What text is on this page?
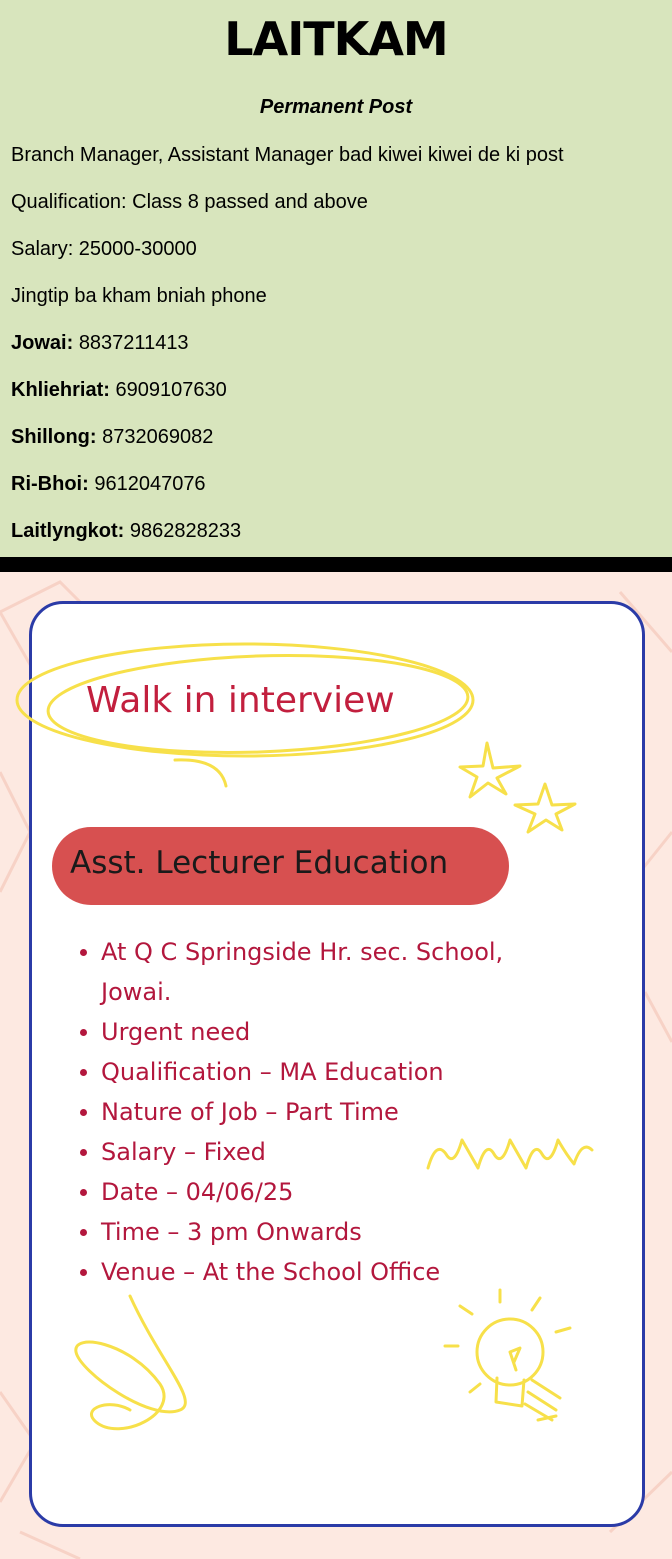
LAITKAM
Permanent Post
Branch Manager, Assistant Manager bad kiwei kiwei de ki post
Qualification: Class 8 passed and above
Salary: 25000-30000
Jingtip ba kham bniah phone
Jowai: 8837211413
Khliehriat: 6909107630
Shillong: 8732069082
Ri-Bhoi: 9612047076
Laitlyngkot: 9862828233
Walk in interview
Asst. Lecturer Education
At Q C Springside Hr. sec. School,
Jowai.
Urgent need
Qualification – MA Education
Nature of Job – Part Time
Salary – Fixed
Date – 04/06/25
Time – 3 pm Onwards
Venue – At the School Office
